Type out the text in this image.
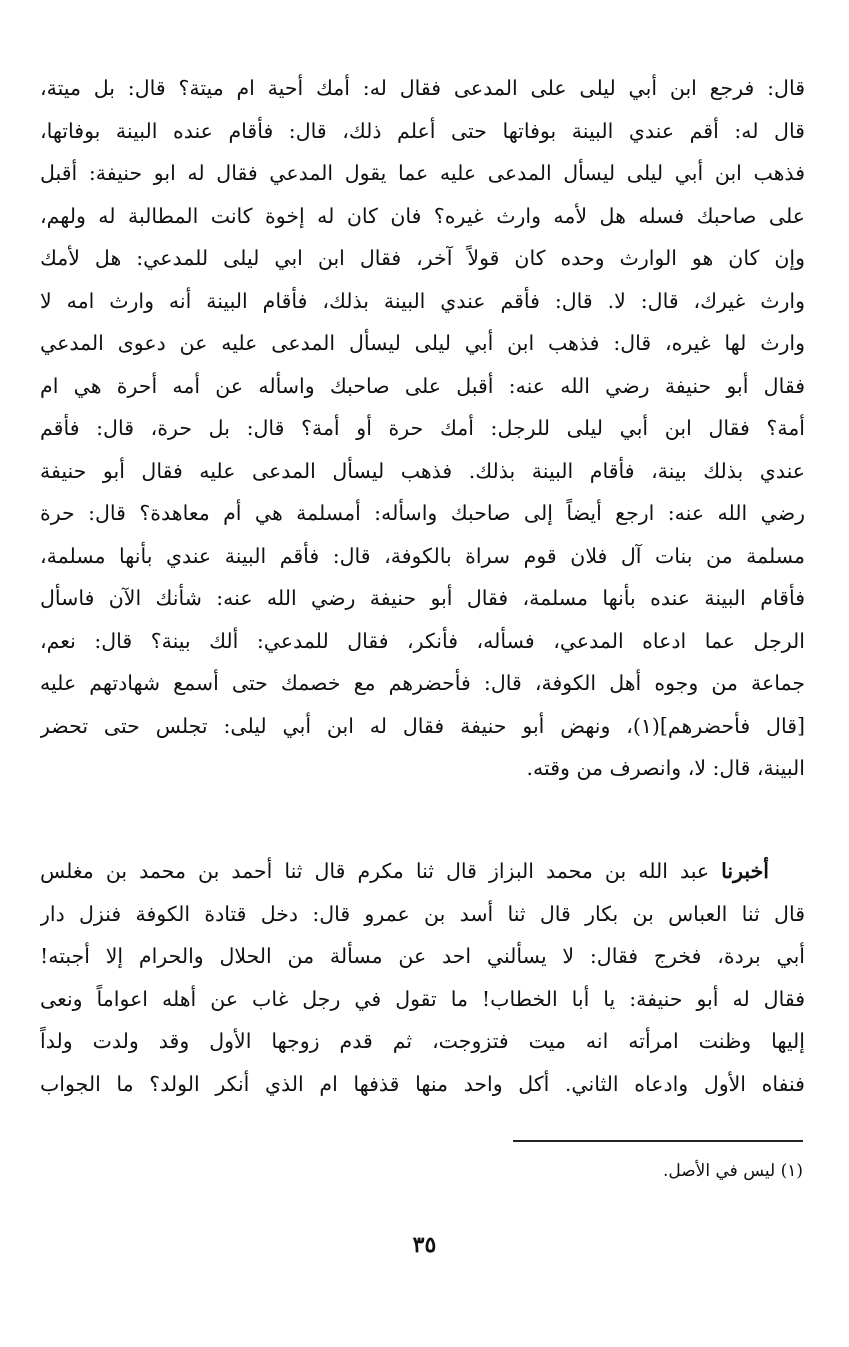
قال: فرجع ابن أبي ليلى على المدعى فقال له: أمك أحية ام ميتة؟ قال: بل ميتة،
قال له: أقم عندي البينة بوفاتها حتى أعلم ذلك، قال: فأقام عنده البينة بوفاتها،
فذهب ابن أبي ليلى ليسأل المدعى عليه عما يقول المدعي فقال له ابو حنيفة: أقبل
على صاحبك فسله هل لأمه وارث غيره؟ فان كان له إخوة كانت المطالبة له ولهم،
وإن كان هو الوارث وحده كان قولاً آخر، فقال ابن ابي ليلى للمدعي: هل لأمك
وارث غيرك، قال: لا. قال: فأقم عندي البينة بذلك، فأقام البينة أنه وارث امه لا
وارث لها غيره، قال: فذهب ابن أبي ليلى ليسأل المدعى عليه عن دعوى المدعي
فقال أبو حنيفة رضي الله عنه: أقبل على صاحبك واسأله عن أمه أحرة هي ام
أمة؟ فقال ابن أبي ليلى للرجل: أمك حرة أو أمة؟ قال: بل حرة، قال: فأقم
عندي بذلك بينة، فأقام البينة بذلك. فذهب ليسأل المدعى عليه فقال أبو حنيفة
رضي الله عنه: ارجع أيضاً إلى صاحبك واسأله: أمسلمة هي أم معاهدة؟ قال: حرة
مسلمة من بنات آل فلان قوم سراة بالكوفة، قال: فأقم البينة عندي بأنها مسلمة،
فأقام البينة عنده بأنها مسلمة، فقال أبو حنيفة رضي الله عنه: شأنك الآن فاسأل
الرجل عما ادعاه المدعي، فسأله، فأنكر، فقال للمدعي: ألك بينة؟ قال: نعم،
جماعة من وجوه أهل الكوفة، قال: فأحضرهم مع خصمك حتى أسمع شهادتهم عليه
[قال فأحضرهم](١)، ونهض أبو حنيفة فقال له ابن أبي ليلى: تجلس حتى تحضر
البينة، قال: لا، وانصرف من وقته.
أخبرنا عبد الله بن محمد البزاز قال ثنا مكرم قال ثنا أحمد بن محمد بن مغلس
قال ثنا العباس بن بكار قال ثنا أسد بن عمرو قال: دخل قتادة الكوفة فنزل دار
أبي بردة، فخرج فقال: لا يسألني احد عن مسألة من الحلال والحرام إلا أجبته!
فقال له أبو حنيفة: يا أبا الخطاب! ما تقول في رجل غاب عن أهله اعواماً ونعى
إليها وظنت امرأته انه ميت فتزوجت، ثم قدم زوجها الأول وقد ولدت ولداً
فنفاه الأول وادعاه الثاني. أكل واحد منها قذفها ام الذي أنكر الولد؟ ما الجواب
(١) ليس في الأصل.
٣٥
